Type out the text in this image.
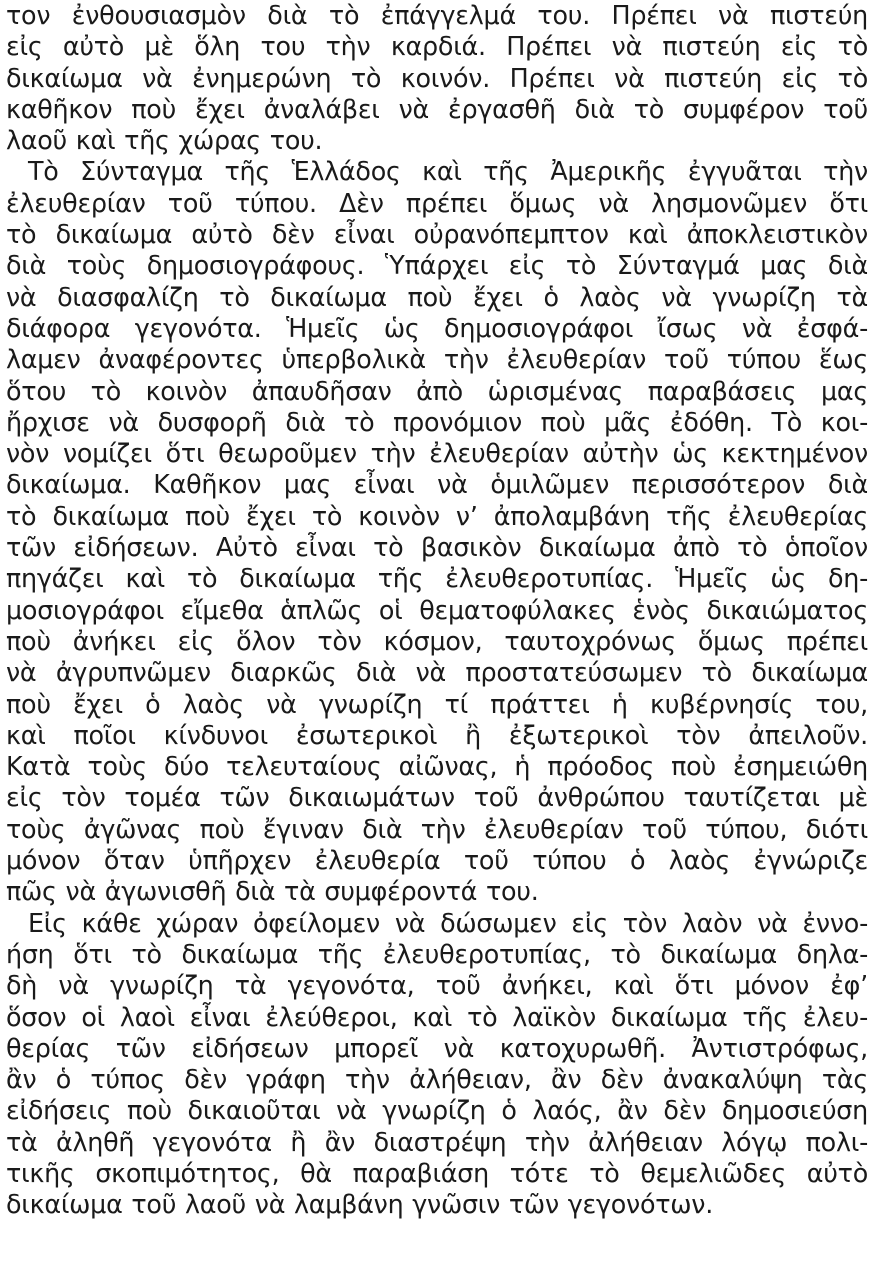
τον ἐνθουσιασμὸν διὰ τὸ ἐπάγγελμά του. Πρέπει νὰ πιστεύη
εἰς αὐτὸ μὲ ὅλη του τὴν καρδιά. Πρέπει νὰ πιστεύη εἰς τὸ
δικαίωμα νὰ ἐνημερώνη τὸ κοινόν. Πρέπει νὰ πιστεύη εἰς τὸ
καθῆκον ποὺ ἔχει ἀναλάβει νὰ ἐργασθῆ διὰ τὸ συμφέρον τοῦ
λαοῦ καὶ τῆς χώρας του.
Τὸ Σύνταγμα τῆς Ἑλλάδος καὶ τῆς Ἀμερικῆς ἐγγυᾶται τὴν
ἐλευθερίαν τοῦ τύπου. Δὲν πρέπει ὅμως νὰ λησμονῶμεν ὅτι
τὸ δικαίωμα αὐτὸ δὲν εἶναι οὐρανόπεμπτον καὶ ἀποκλειστικὸν
διὰ τοὺς δημοσιογράφους. Ὑπάρχει εἰς τὸ Σύνταγμά μας διὰ
νὰ διασφαλίζη τὸ δικαίωμα ποὺ ἔχει ὁ λαὸς νὰ γνωρίζη τὰ
διάφορα γεγονότα. Ἡμεῖς ὡς δημοσιογράφοι ἴσως νὰ ἐσφά-
λαμεν ἀναφέροντες ὑπερβολικὰ τὴν ἐλευθερίαν τοῦ τύπου ἕως
ὅτου τὸ κοινὸν ἀπαυδῆσαν ἀπὸ ὡρισμένας παραβάσεις μας
ἤρχισε νὰ δυσφορῆ διὰ τὸ προνόμιον ποὺ μᾶς ἐδόθη. Τὸ κοι-
νὸν νομίζει ὅτι θεωροῦμεν τὴν ἐλευθερίαν αὐτὴν ὡς κεκτημένον
δικαίωμα. Καθῆκον μας εἶναι νὰ ὁμιλῶμεν περισσότερον διὰ
τὸ δικαίωμα ποὺ ἔχει τὸ κοινὸν ν’ ἀπολαμβάνη τῆς ἐλευθερίας
τῶν εἰδήσεων. Αὐτὸ εἶναι τὸ βασικὸν δικαίωμα ἀπὸ τὸ ὁποῖον
πηγάζει καὶ τὸ δικαίωμα τῆς ἐλευθεροτυπίας. Ἡμεῖς ὡς δη-
μοσιογράφοι εἴμεθα ἁπλῶς οἱ θεματοφύλακες ἑνὸς δικαιώματος
ποὺ ἀνήκει εἰς ὅλον τὸν κόσμον, ταυτοχρόνως ὅμως πρέπει
νὰ ἀγρυπνῶμεν διαρκῶς διὰ νὰ προστατεύσωμεν τὸ δικαίωμα
ποὺ ἔχει ὁ λαὸς νὰ γνωρίζη τί πράττει ἡ κυβέρνησίς του,
καὶ ποῖοι κίνδυνοι ἐσωτερικοὶ ἢ ἐξωτερικοὶ τὸν ἀπειλοῦν.
Κατὰ τοὺς δύο τελευταίους αἰῶνας, ἡ πρόοδος ποὺ ἐσημειώθη
εἰς τὸν τομέα τῶν δικαιωμάτων τοῦ ἀνθρώπου ταυτίζεται μὲ
τοὺς ἀγῶνας ποὺ ἔγιναν διὰ τὴν ἐλευθερίαν τοῦ τύπου, διότι
μόνον ὅταν ὑπῆρχεν ἐλευθερία τοῦ τύπου ὁ λαὸς ἐγνώριζε
πῶς νὰ ἀγωνισθῆ διὰ τὰ συμφέροντά του.
Εἰς κάθε χώραν ὀφείλομεν νὰ δώσωμεν εἰς τὸν λαὸν νὰ ἐννο-
ήση ὅτι τὸ δικαίωμα τῆς ἐλευθεροτυπίας, τὸ δικαίωμα δηλα-
δὴ νὰ γνωρίζη τὰ γεγονότα, τοῦ ἀνήκει, καὶ ὅτι μόνον ἐφ’
ὅσον οἱ λαοὶ εἶναι ἐλεύθεροι, καὶ τὸ λαϊκὸν δικαίωμα τῆς ἐλευ-
θερίας τῶν εἰδήσεων μπορεῖ νὰ κατοχυρωθῆ. Ἀντιστρόφως,
ἂν ὁ τύπος δὲν γράφη τὴν ἀλήθειαν, ἂν δὲν ἀνακαλύψη τὰς
εἰδήσεις ποὺ δικαιοῦται νὰ γνωρίζη ὁ λαός, ἂν δὲν δημοσιεύση
τὰ ἀληθῆ γεγονότα ἢ ἂν διαστρέψη τὴν ἀλήθειαν λόγῳ πολι-
τικῆς σκοπιμότητος, θὰ παραβιάση τότε τὸ θεμελιῶδες αὐτὸ
δικαίωμα τοῦ λαοῦ νὰ λαμβάνη γνῶσιν τῶν γεγονότων.
